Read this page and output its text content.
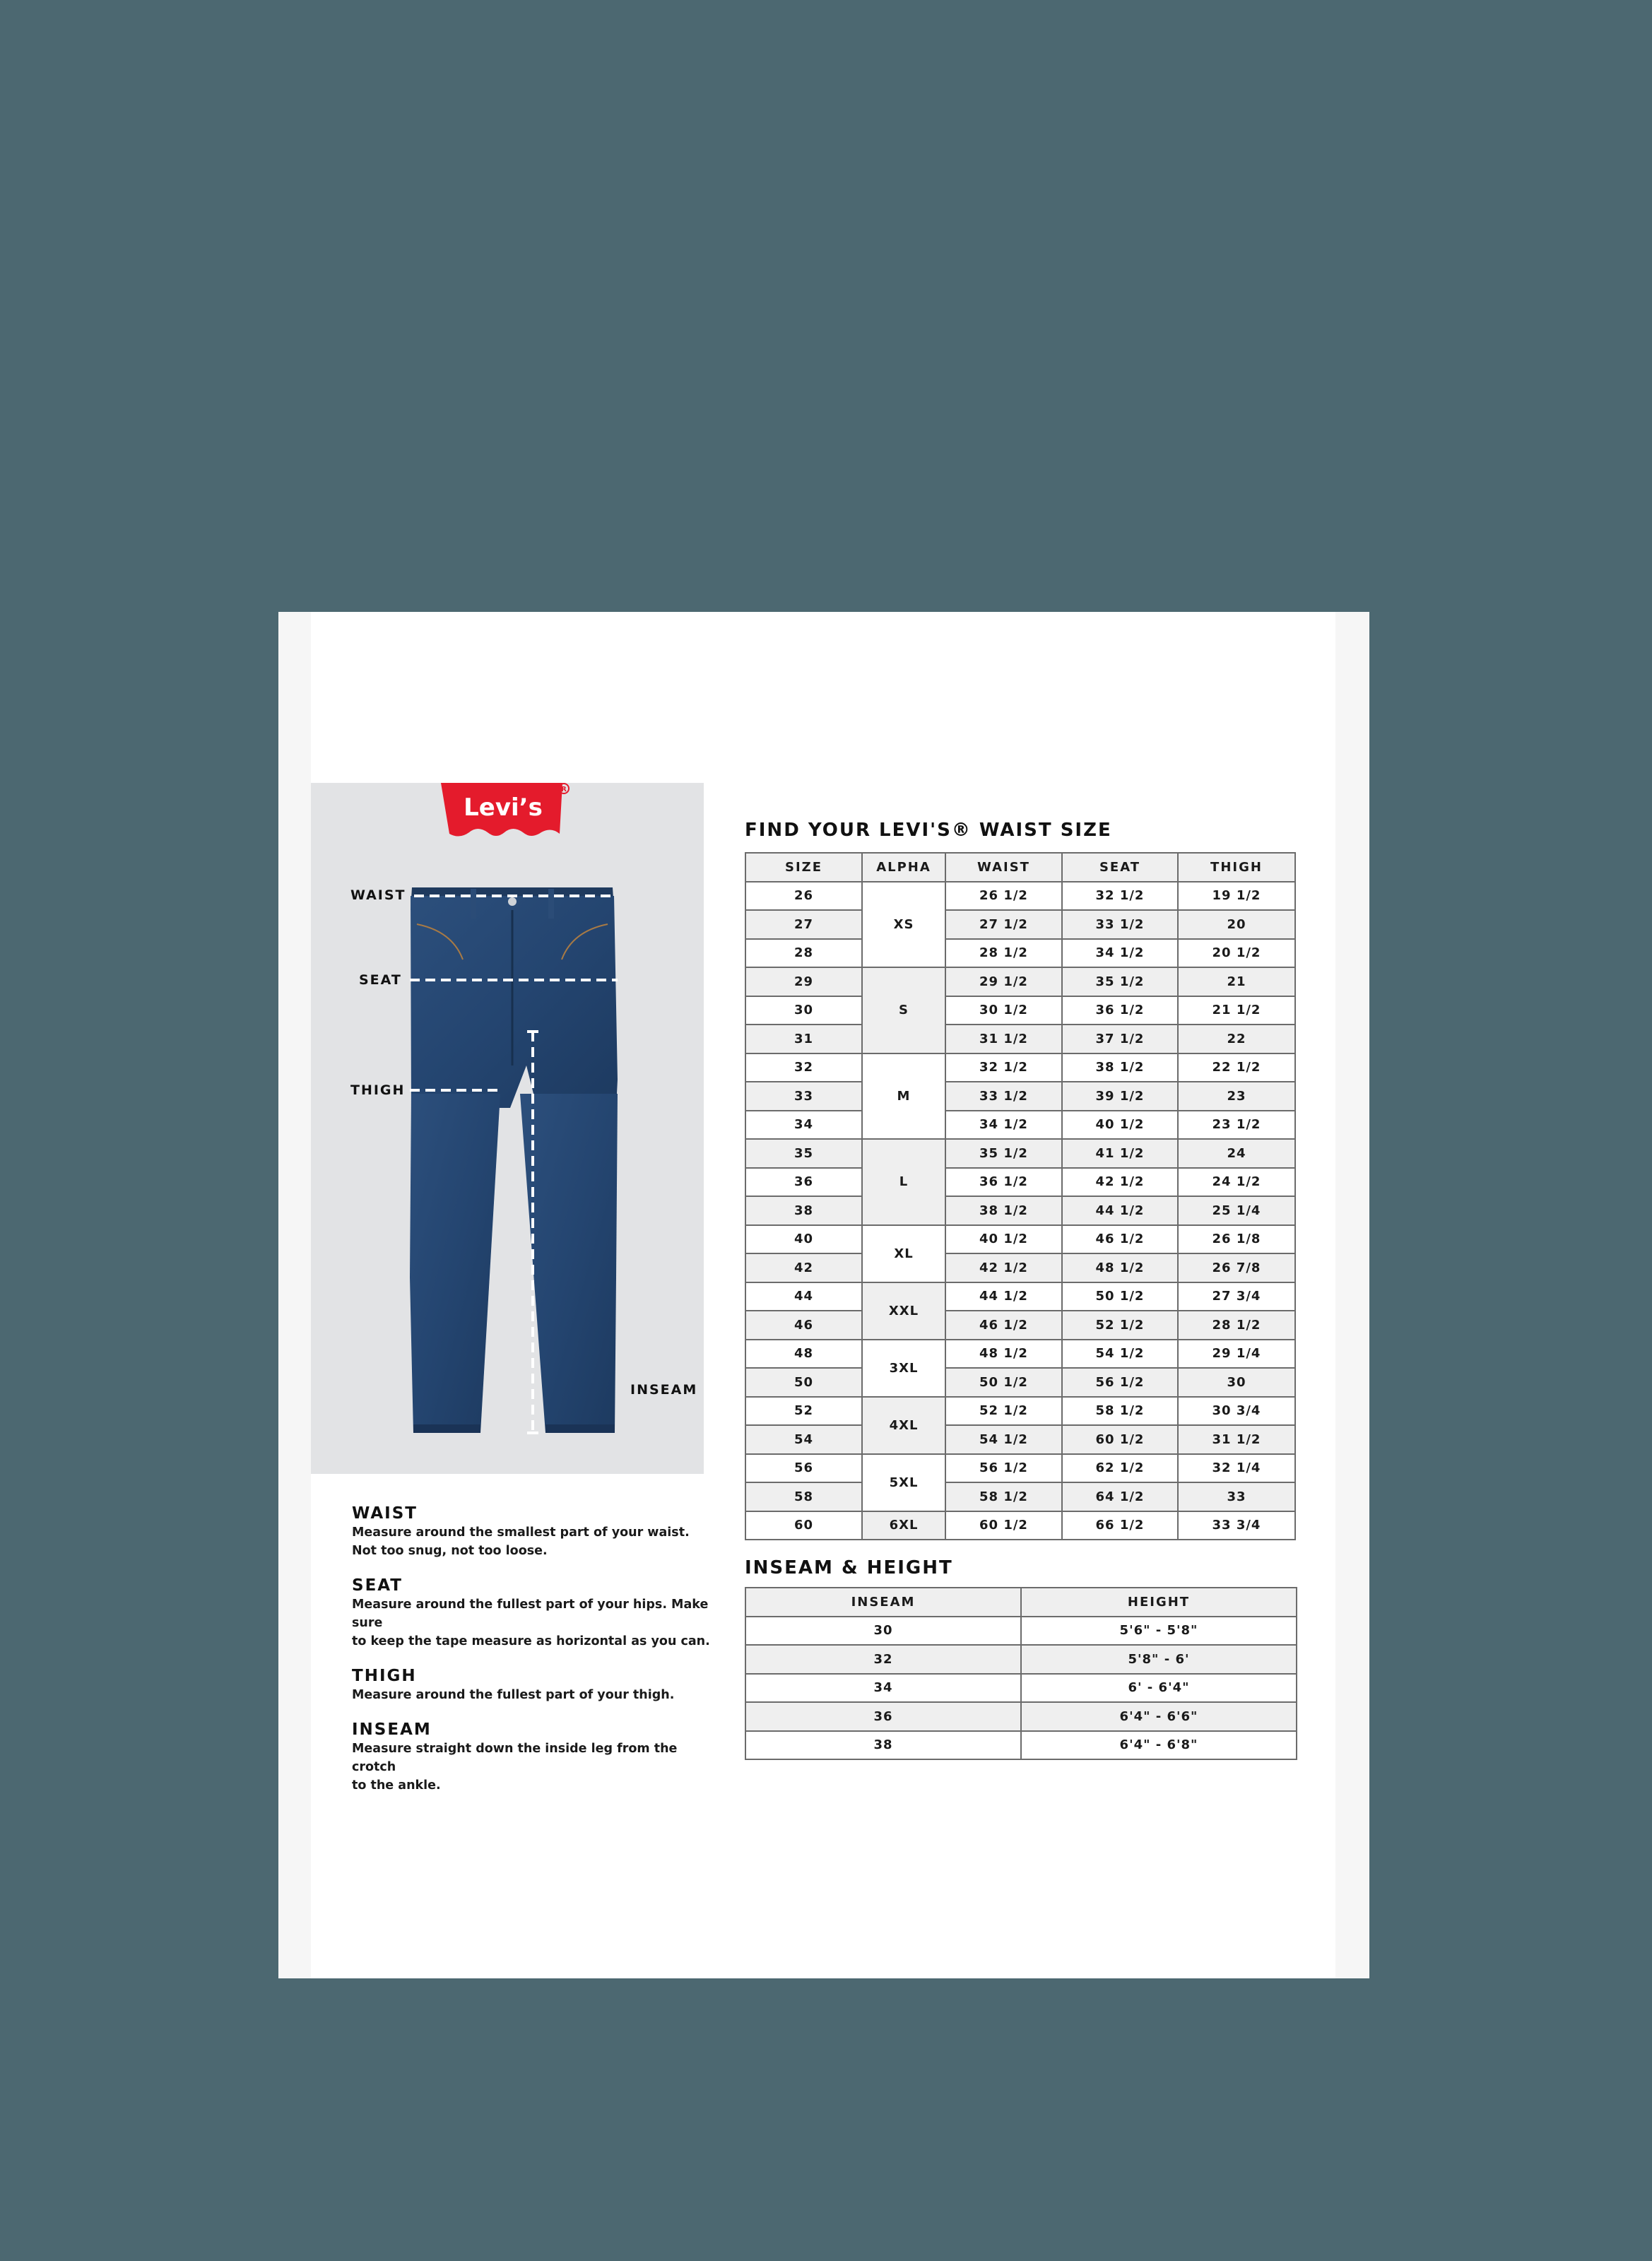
Levi’s
R
WAIST
SEAT
THIGH
INSEAM
WAIST
Measure around the smallest part of your waist.
Not too snug, not too loose.
SEAT
Measure around the fullest part of your hips. Make sure
to keep the tape measure as horizontal as you can.
THIGH
Measure around the fullest part of your thigh.
INSEAM
Measure straight down the inside leg from the crotch
to the ankle.
FIND YOUR LEVI'S® WAIST SIZE
SIZE	ALPHA	WAIST	SEAT	THIGH
26	XS	26 1/2	32 1/2	19 1/2
27		27 1/2	33 1/2	20
28		28 1/2	34 1/2	20 1/2
29	S	29 1/2	35 1/2	21
30		30 1/2	36 1/2	21 1/2
31		31 1/2	37 1/2	22
32	M	32 1/2	38 1/2	22 1/2
33		33 1/2	39 1/2	23
34		34 1/2	40 1/2	23 1/2
35	L	35 1/2	41 1/2	24
36		36 1/2	42 1/2	24 1/2
38		38 1/2	44 1/2	25 1/4
40	XL	40 1/2	46 1/2	26 1/8
42		42 1/2	48 1/2	26 7/8
44	XXL	44 1/2	50 1/2	27 3/4
46		46 1/2	52 1/2	28 1/2
48	3XL	48 1/2	54 1/2	29 1/4
50		50 1/2	56 1/2	30
52	4XL	52 1/2	58 1/2	30 3/4
54		54 1/2	60 1/2	31 1/2
56	5XL	56 1/2	62 1/2	32 1/4
58		58 1/2	64 1/2	33
60	6XL	60 1/2	66 1/2	33 3/4
INSEAM & HEIGHT
INSEAM	HEIGHT
30	5'6" - 5'8"
32	5'8" - 6'
34	6' - 6'4"
36	6'4" - 6'6"
38	6'4" - 6'8"
